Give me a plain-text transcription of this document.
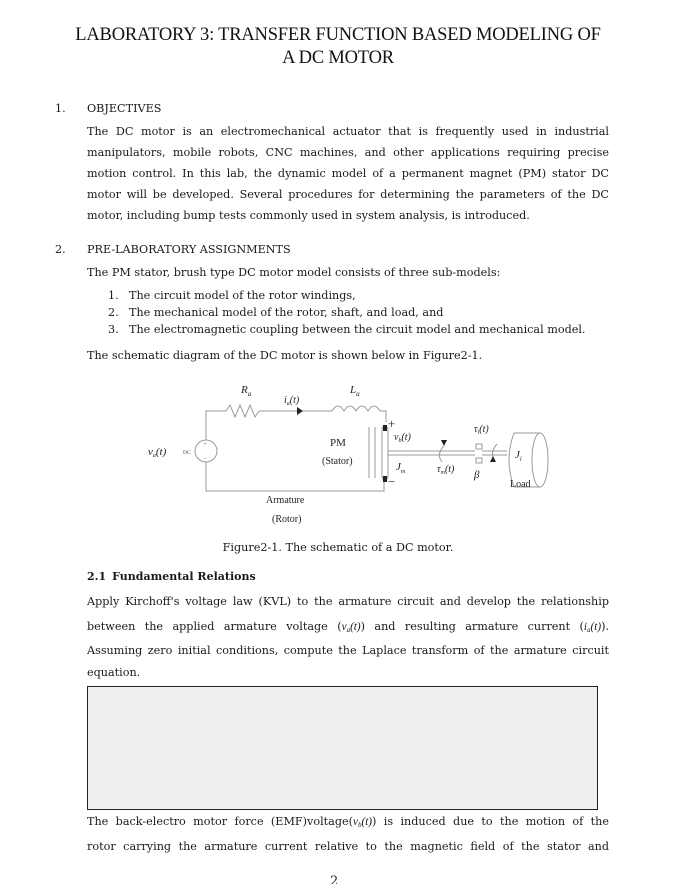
LABORATORY 3: TRANSFER FUNCTION BASED MODELING OF
A DC MOTOR
1. OBJECTIVES
The DC motor is an electromechanical actuator that is frequently used in industrial
manipulators, mobile robots, CNC machines, and other applications requiring precise
motion control. In this lab, the dynamic model of a permanent magnet (PM) stator DC
motor will be developed. Several procedures for determining the parameters of the DC
motor, including bump tests commonly used in system analysis, is introduced.
2. PRE-LABORATORY ASSIGNMENTS
The PM stator, brush type DC motor model consists of three sub-models:
1. The circuit model of the rotor windings,
2. The mechanical model of the rotor, shaft, and load, and
3. The electromagnetic coupling between the circuit model and mechanical model.
The schematic diagram of the DC motor is shown below in Figure2-1.
+
−
$R_a$
$i_a(t)$
$L_a$
va(t)	DC
PM
(Stator)
Armature
(Rotor)
+
−
$v_b(t)$
$J_m$	$\tau_m(t)$
$\tau_l(t)$
β
$J_l$
Load
Figure2-1. The schematic of a DC motor.
2.1 Fundamental Relations
Apply Kirchoff's voltage law (KVL) to the armature circuit and develop the relationship
between the applied armature voltage $(v_a(t))$ and resulting armature current $(i_a(t))$.
Assuming zero initial conditions, compute the Laplace transform of the armature circuit
equation.
The back-electro motor force $(EMF)voltage(v_b(t))$ is induced due to the motion of the
rotor carrying the armature current relative to the magnetic field of the stator and
2
